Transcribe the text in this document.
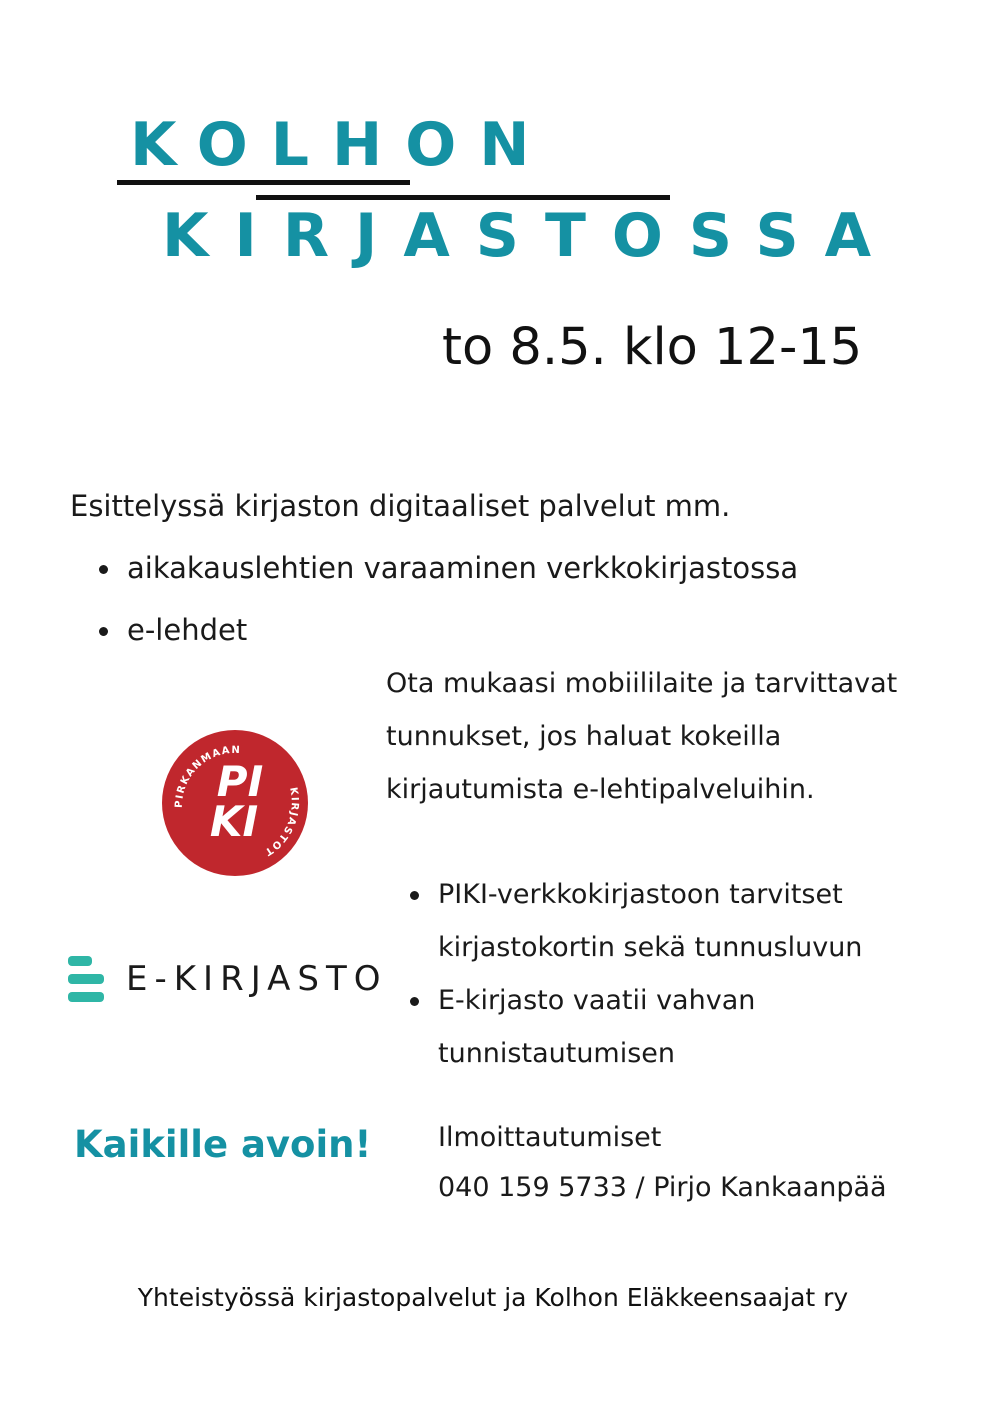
KOLHON
KIRJASTOSSA
to 8.5. klo 12-15
Esittelyssä kirjaston digitaaliset palvelut mm.
aikakauslehtien varaaminen verkkokirjastossa
e-lehdet
Ota mukaasi mobiililaite ja tarvittavat
tunnukset, jos haluat kokeilla
kirjautumista e-lehtipalveluihin.
PIRKANMAAN
KIRJASTOT
PI
KI
E-KIRJASTO
PIKI-verkkokirjastoon tarvitset
kirjastokortin sekä tunnusluvun
E-kirjasto vaatii vahvan
tunnistautumisen
Kaikille avoin! Ilmoittautumiset
040 159 5733 / Pirjo Kankaanpää
Yhteistyössä kirjastopalvelut ja Kolhon Eläkkeensaajat ry
